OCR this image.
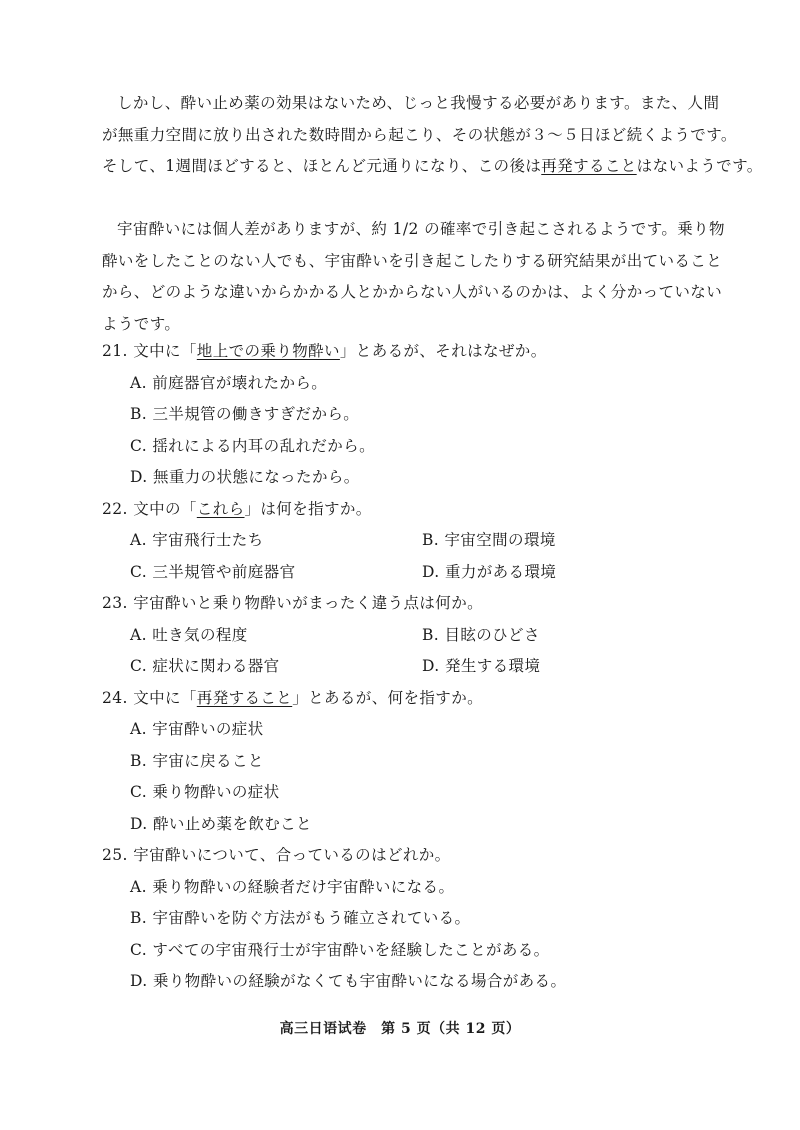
しかし、酔い止め薬の効果はないため、じっと我慢する必要があります。また、人間
が無重力空間に放り出された数時間から起こり、その状態が３～５日ほど続くようです。
そして、1週間ほどすると、ほとんど元通りになり、この後は再発することはないようです。
宇宙酔いには個人差がありますが、約 1/2 の確率で引き起こされるようです。乗り物
酔いをしたことのない人でも、宇宙酔いを引き起こしたりする研究結果が出ていること
から、どのような違いからかかる人とかからない人がいるのかは、よく分かっていない
ようです。
21. 文中に「地上での乗り物酔い」とあるが、それはなぜか。
A. 前庭器官が壊れたから。
B. 三半規管の働きすぎだから。
C. 揺れによる内耳の乱れだから。
D. 無重力の状態になったから。
22. 文中の「これら」は何を指すか。
A. 宇宙飛行士たち	B. 宇宙空間の環境
C. 三半規管や前庭器官	D. 重力がある環境
23. 宇宙酔いと乗り物酔いがまったく違う点は何か。
A. 吐き気の程度	B. 目眩のひどさ
C. 症状に関わる器官	D. 発生する環境
24. 文中に「再発すること」とあるが、何を指すか。
A. 宇宙酔いの症状
B. 宇宙に戻ること
C. 乗り物酔いの症状
D. 酔い止め薬を飲むこと
25. 宇宙酔いについて、合っているのはどれか。
A. 乗り物酔いの経験者だけ宇宙酔いになる。
B. 宇宙酔いを防ぐ方法がもう確立されている。
C. すべての宇宙飛行士が宇宙酔いを経験したことがある。
D. 乗り物酔いの経験がなくても宇宙酔いになる場合がある。
高三日语试卷　第 5 页（共 12 页）
